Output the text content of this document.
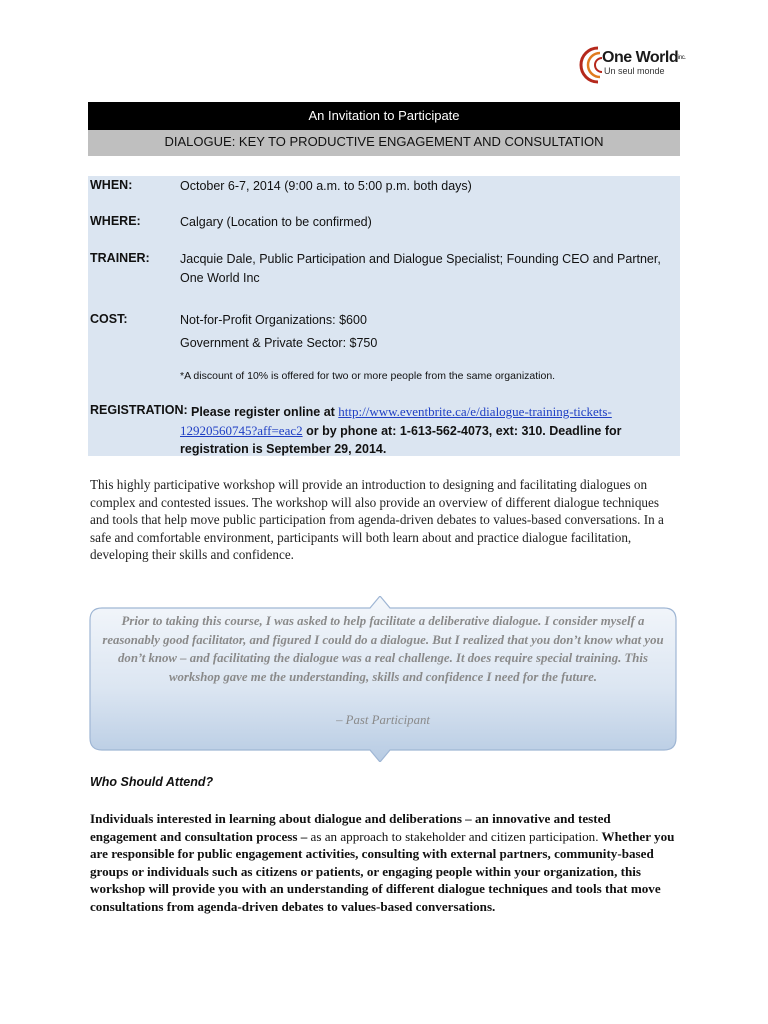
One World$^{inc.}$
Un seul monde
An Invitation to Participate
DIALOGUE: KEY TO PRODUCTIVE ENGAGEMENT AND CONSULTATION
WHEN:	October 6-7, 2014 (9:00 a.m. to 5:00 p.m. both days)
WHERE:	Calgary (Location to be confirmed)
TRAINER: Jacquie Dale, Public Participation and Dialogue Specialist; Founding CEO and Partner, One World Inc
COST:	Not-for-Profit Organizations: $600
Government & Private Sector: $750
*A discount of 10% is offered for two or more people from the same organization.
REGISTRATION: Please register online at http://www.eventbrite.ca/e/dialogue-training-tickets-
12920560745?aff=eac2 or by phone at: 1-613-562-4073, ext: 310. Deadline for
registration is September 29, 2014.
This highly participative workshop will provide an introduction to designing and facilitating dialogues on complex and contested issues. The workshop will also provide an overview of different dialogue techniques and tools that help move public participation from agenda-driven debates to values-based conversations. In a safe and comfortable environment, participants will both learn about and practice dialogue facilitation, developing their skills and confidence.
Prior to taking this course, I was asked to help facilitate a deliberative dialogue. I consider myself a reasonably good facilitator, and figured I could do a dialogue. But I realized that you don’t know what you don’t know – and facilitating the dialogue was a real challenge. It does require special training. This workshop gave me the understanding, skills and confidence I need for the future.
– Past Participant
Who Should Attend?
Individuals interested in learning about dialogue and deliberations – an innovative and tested engagement and consultation process – as an approach to stakeholder and citizen participation. Whether you are responsible for public engagement activities, consulting with external partners, community-based groups or individuals such as citizens or patients, or engaging people within your organization, this workshop will provide you with an understanding of different dialogue techniques and tools that move consultations from agenda-driven debates to values-based conversations.
